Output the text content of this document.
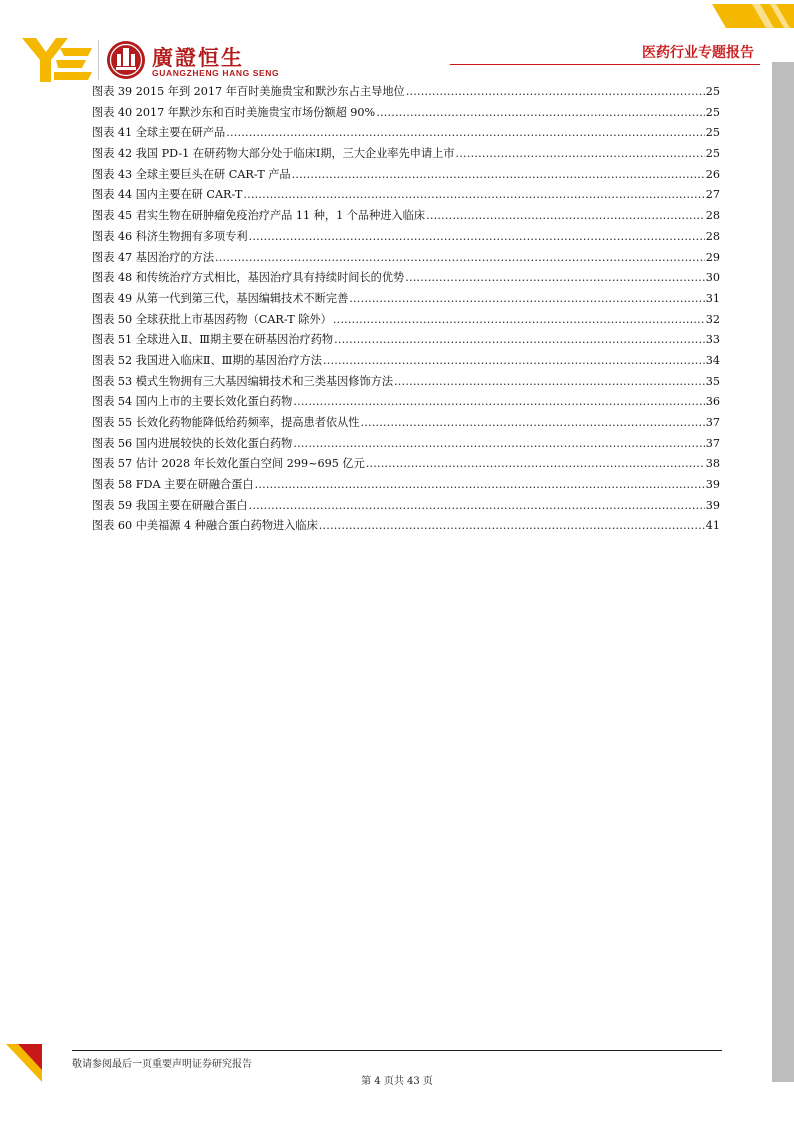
廣證恒生
GUANGZHENG HANG SENG
医药行业专题报告
图表 39 2015 年到 2017 年百时美施贵宝和默沙东占主导地位 .....	25
图表 40 2017 年默沙东和百时美施贵宝市场份额超 90% .....	25
图表 41 全球主要在研产品 .....	25
图表 42 我国 PD-1 在研药物大部分处于临床Ⅰ期，三大企业率先申请上市 .....	25
图表 43 全球主要巨头在研 CAR-T 产品 .....	26
图表 44 国内主要在研 CAR-T .....	27
图表 45 君实生物在研肿瘤免疫治疗产品 11 种，1 个品种进入临床 .....	28
图表 46 科济生物拥有多项专利 .....	28
图表 47 基因治疗的方法 .....	29
图表 48 和传统治疗方式相比，基因治疗具有持续时间长的优势 .....	30
图表 49 从第一代到第三代，基因编辑技术不断完善 .....	31
图表 50 全球获批上市基因药物（CAR-T 除外） .....	32
图表 51 全球进入Ⅱ、Ⅲ期主要在研基因治疗药物 .....	33
图表 52 我国进入临床Ⅱ、Ⅲ期的基因治疗方法 .....	34
图表 53 模式生物拥有三大基因编辑技术和三类基因修饰方法 .....	35
图表 54 国内上市的主要长效化蛋白药物 .....	36
图表 55 长效化药物能降低给药频率，提高患者依从性 .....	37
图表 56 国内进展较快的长效化蛋白药物 .....	37
图表 57 估计 2028 年长效化蛋白空间 299~695 亿元 .....	38
图表 58 FDA 主要在研融合蛋白 .....	39
图表 59 我国主要在研融合蛋白 .....	39
图表 60 中美福源 4 种融合蛋白药物进入临床 .....	41
敬请参阅最后一页重要声明证券研究报告
第 4 页共 43 页
